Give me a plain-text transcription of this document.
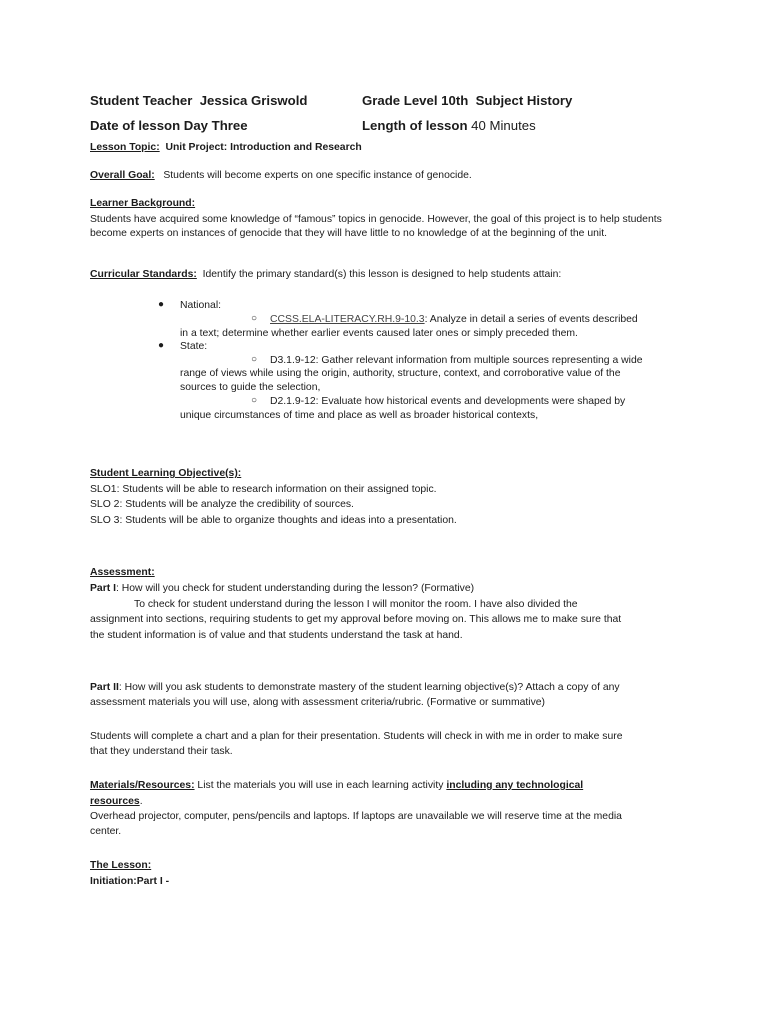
Student Teacher Jessica Griswold	Grade Level 10th Subject History
Date of lesson Day Three	Length of lesson 40 Minutes
Lesson Topic: Unit Project: Introduction and Research
Overall Goal: Students will become experts on one specific instance of genocide.
Learner Background:
Students have acquired some knowledge of “famous” topics in genocide. However, the goal of this project is to help students become experts on instances of genocide that they will have little to no knowledge of at the beginning of the unit.
Curricular Standards: Identify the primary standard(s) this lesson is designed to help students attain:
● National:
○ CCSS.ELA-LITERACY.RH.9-10.3: Analyze in detail a series of events described
in a text; determine whether earlier events caused later ones or simply preceded them.
● State:
○ D3.1.9-12: Gather relevant information from multiple sources representing a wide
range of views while using the origin, authority, structure, context, and corroborative value of the
sources to guide the selection,
○ D2.1.9-12: Evaluate how historical events and developments were shaped by
unique circumstances of time and place as well as broader historical contexts,
Student Learning Objective(s):
SLO1: Students will be able to research information on their assigned topic.
SLO 2: Students will be analyze the credibility of sources.
SLO 3: Students will be able to organize thoughts and ideas into a presentation.
Assessment:
Part I: How will you check for student understanding during the lesson? (Formative)
To check for student understand during the lesson I will monitor the room. I have also divided the
assignment into sections, requiring students to get my approval before moving on. This allows me to make sure that
the student information is of value and that students understand the task at hand.
Part II: How will you ask students to demonstrate mastery of the student learning objective(s)? Attach a copy of any
assessment materials you will use, along with assessment criteria/rubric. (Formative or summative)
Students will complete a chart and a plan for their presentation. Students will check in with me in order to make sure
that they understand their task.
Materials/Resources: List the materials you will use in each learning activity including any technological
resources.
Overhead projector, computer, pens/pencils and laptops. If laptops are unavailable we will reserve time at the media
center.
The Lesson:
Initiation:Part I -
